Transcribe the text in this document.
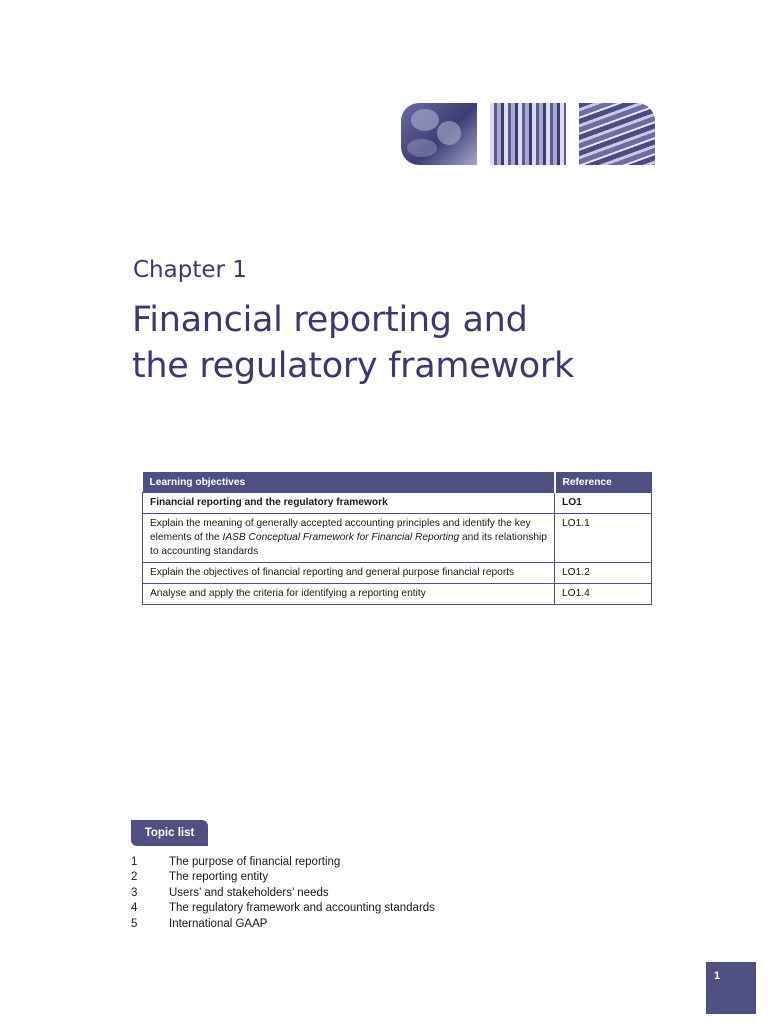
Chapter 1
Financial reporting and
the regulatory framework
Learning objectives	Reference
Financial reporting and the regulatory framework	LO1
Explain the meaning of generally accepted accounting principles and identify the key elements of the IASB Conceptual Framework for Financial Reporting and its relationship to accounting standards	LO1.1
Explain the objectives of financial reporting and general purpose financial reports	LO1.2
Analyse and apply the criteria for identifying a reporting entity	LO1.4
Topic list
1	The purpose of financial reporting
2	The reporting entity
3	Users’ and stakeholders’ needs
4	The regulatory framework and accounting standards
5	International GAAP
1
